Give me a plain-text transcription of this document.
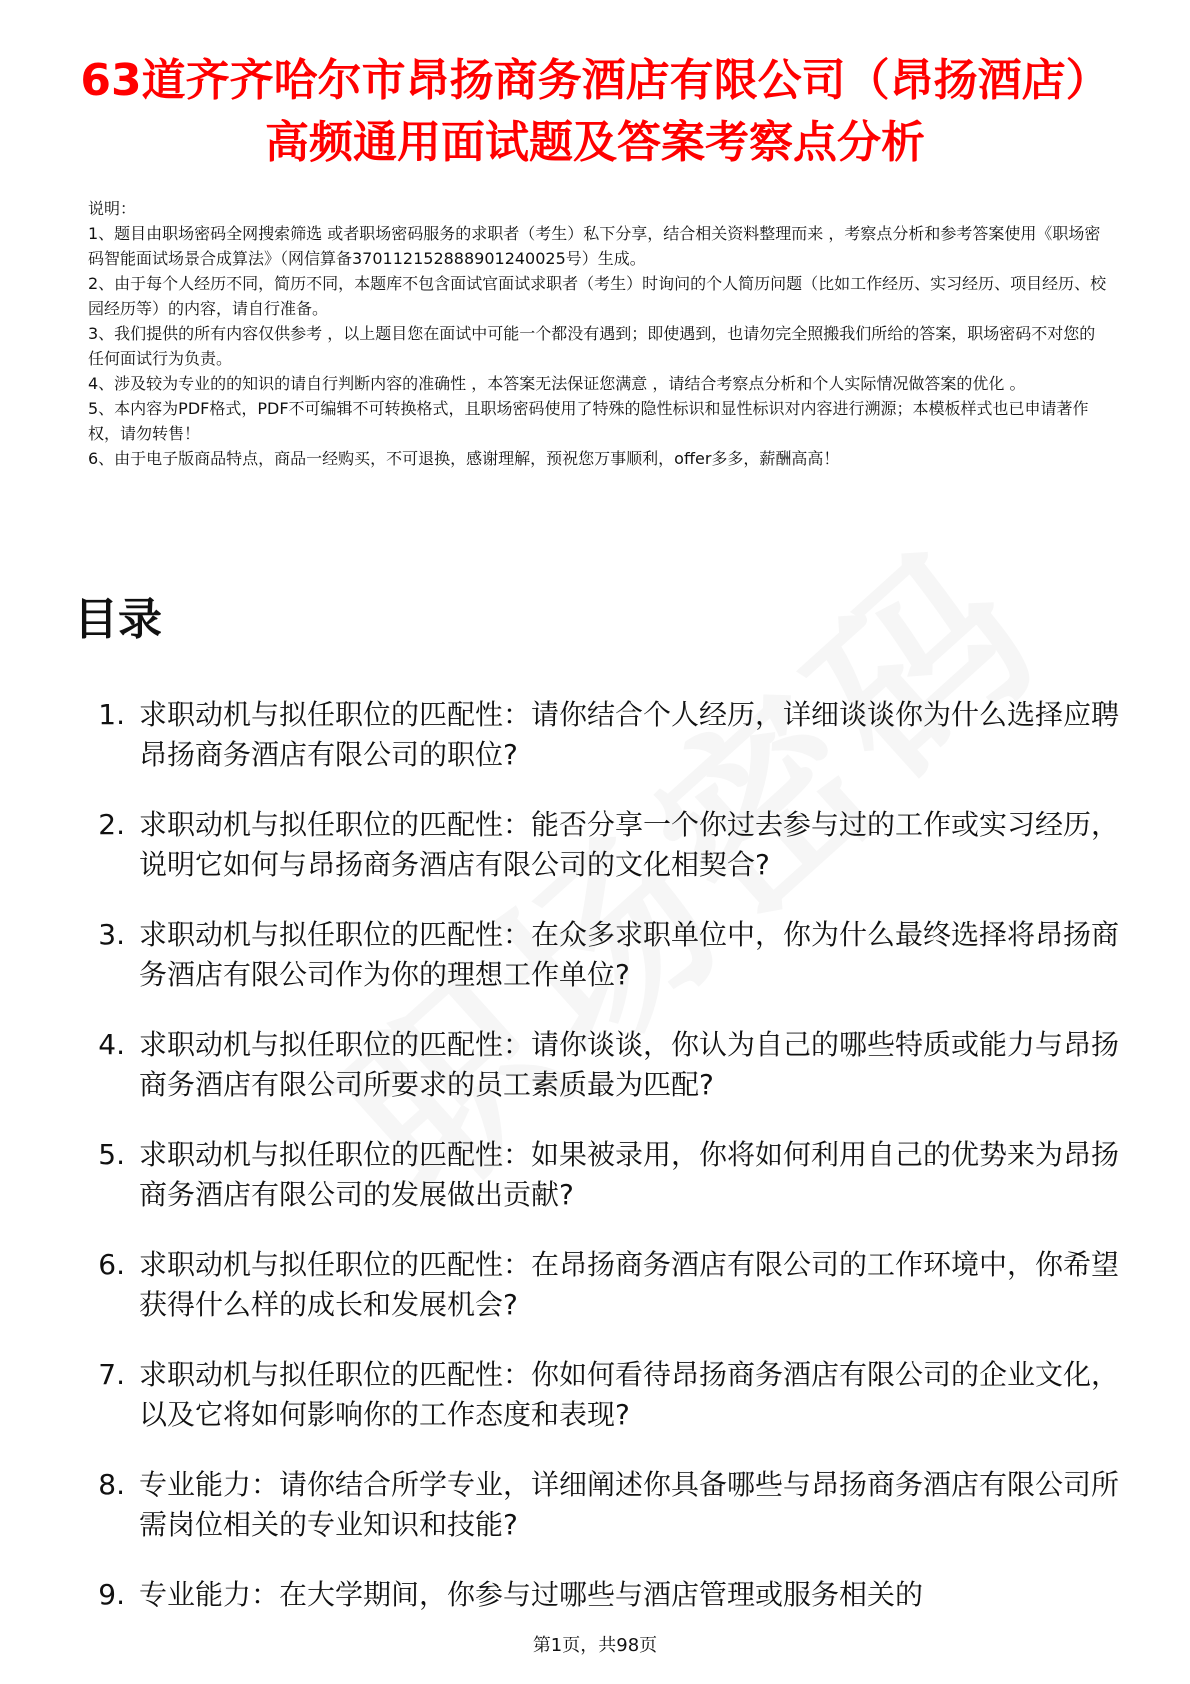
63道齐齐哈尔市昂扬商务酒店有限公司（昂扬酒店）高频通用面试题及答案考察点分析

说明：

1、题目由职场密码全网搜索筛选 或者职场密码服务的求职者（考生）私下分享，结合相关资料整理而来 ，考察点分析和参考答案使用《职场密码智能面试场景合成算法》（网信算备370112152888901240025号）生成。

2、由于每个人经历不同，简历不同，本题库不包含面试官面试求职者（考生）时询问的个人简历问题（比如工作经历、实习经历、项目经历、校园经历等）的内容，请自行准备。

3、我们提供的所有内容仅供参考 ，以上题目您在面试中可能一个都没有遇到；即使遇到，也请勿完全照搬我们所给的答案，职场密码不对您的任何面试行为负责。

4、涉及较为专业的的知识的请自行判断内容的准确性 ，本答案无法保证您满意 ，请结合考察点分析和个人实际情况做答案的优化 。

5、本内容为PDF格式，PDF不可编辑不可转换格式，且职场密码使用了特殊的隐性标识和显性标识对内容进行溯源；本模板样式也已申请著作权，请勿转售！

6、由于电子版商品特点，商品一经购买，不可退换，感谢理解，预祝您万事顺利，offer多多，薪酬高高！

目录
1. 求职动机与拟任职位的匹配性：请你结合个人经历，详细谈谈你为什么选择应聘昂扬商务酒店有限公司的职位?
2. 求职动机与拟任职位的匹配性：能否分享一个你过去参与过的工作或实习经历，说明它如何与昂扬商务酒店有限公司的文化相契合?
3. 求职动机与拟任职位的匹配性：在众多求职单位中，你为什么最终选择将昂扬商务酒店有限公司作为你的理想工作单位?
4. 求职动机与拟任职位的匹配性：请你谈谈，你认为自己的哪些特质或能力与昂扬商务酒店有限公司所要求的员工素质最为匹配?
5. 求职动机与拟任职位的匹配性：如果被录用，你将如何利用自己的优势来为昂扬商务酒店有限公司的发展做出贡献?
6. 求职动机与拟任职位的匹配性：在昂扬商务酒店有限公司的工作环境中，你希望获得什么样的成长和发展机会?
7. 求职动机与拟任职位的匹配性：你如何看待昂扬商务酒店有限公司的企业文化，以及它将如何影响你的工作态度和表现?
8. 专业能力：请你结合所学专业，详细阐述你具备哪些与昂扬商务酒店有限公司所需岗位相关的专业知识和技能?
9. 专业能力：在大学期间，你参与过哪些与酒店管理或服务相关的
第1页，共98页
